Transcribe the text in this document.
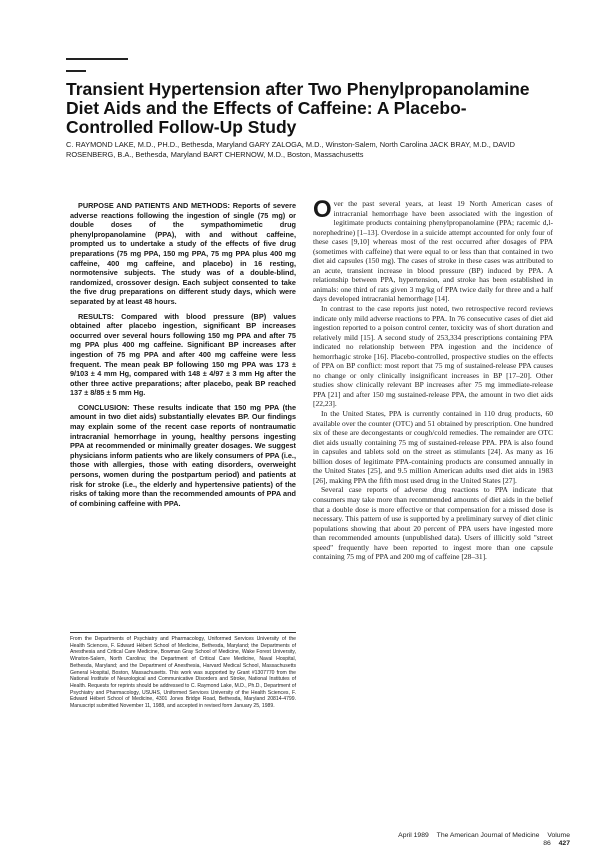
Transient Hypertension after Two Phenylpropanolamine Diet Aids and the Effects of Caffeine: A Placebo-Controlled Follow-Up Study
C. RAYMOND LAKE, M.D., PH.D., Bethesda, Maryland GARY ZALOGA, M.D., Winston-Salem, North Carolina JACK BRAY, M.D., DAVID ROSENBERG, B.A., Bethesda, Maryland BART CHERNOW, M.D., Boston, Massachusetts

PURPOSE AND PATIENTS AND METHODS: Reports of severe adverse reactions following the ingestion of single (75 mg) or double doses of the sympathomimetic drug phenylpropanolamine (PPA), with and without caffeine, prompted us to undertake a study of the effects of five drug preparations (75 mg PPA, 150 mg PPA, 75 mg PPA plus 400 mg caffeine, 400 mg caffeine, and placebo) in 16 resting, normotensive subjects. The study was of a double-blind, randomized, crossover design. Each subject consented to take the five drug preparations on different study days, which were separated by at least 48 hours.

RESULTS: Compared with blood pressure (BP) values obtained after placebo ingestion, significant BP increases occurred over several hours following 150 mg PPA and after 75 mg PPA plus 400 mg caffeine. Significant BP increases after ingestion of 75 mg PPA and after 400 mg caffeine were less frequent. The mean peak BP following 150 mg PPA was 173 ± 9/103 ± 4 mm Hg, compared with 148 ± 4/97 ± 3 mm Hg after the other three active preparations; after placebo, peak BP reached 137 ± 8/85 ± 5 mm Hg.

CONCLUSION: These results indicate that 150 mg PPA (the amount in two diet aids) substantially elevates BP. Our findings may explain some of the recent case reports of nontraumatic intracranial hemorrhage in young, healthy persons ingesting PPA at recommended or minimally greater dosages. We suggest physicians inform patients who are likely consumers of PPA (i.e., those with allergies, those with eating disorders, overweight persons, women during the postpartum period) and patients at risk for stroke (i.e., the elderly and hypertensive patients) of the risks of taking more than the recommended amounts of PPA and of combining caffeine with PPA.

From the Departments of Psychiatry and Pharmacology, Uniformed Services University of the Health Sciences, F. Edward Hébert School of Medicine, Bethesda, Maryland; the Departments of Anesthesia and Critical Care Medicine, Bowman Gray School of Medicine, Wake Forest University, Winston-Salem, North Carolina; the Department of Critical Care Medicine, Naval Hospital, Bethesda, Maryland; and the Department of Anesthesia, Harvard Medical School, Massachusetts General Hospital, Boston, Massachusetts. This work was supported by Grant #1307770 from the National Institute of Neurological and Communicative Disorders and Stroke, National Institutes of Health. Requests for reprints should be addressed to C. Raymond Lake, M.D., Ph.D., Department of Psychiatry and Pharmacology, USUHS, Uniformed Services University of the Health Sciences, F. Edward Hébert School of Medicine, 4301 Jones Bridge Road, Bethesda, Maryland 20814-4799. Manuscript submitted November 11, 1988, and accepted in revised form January 25, 1989.

Over the past several years, at least 19 North American cases of intracranial hemorrhage have been associated with the ingestion of legitimate products containing phenylpropanolamine (PPA; racemic d,l-norephedrine) [1–13]. Overdose in a suicide attempt accounted for only four of these cases [9,10] whereas most of the rest occurred after dosages of PPA (sometimes with caffeine) that were equal to or less than that contained in two diet aid capsules (150 mg). The cases of stroke in these cases was attributed to an acute, transient increase in blood pressure (BP) induced by PPA. A relationship between PPA, hypertension, and stroke has been established in animals: one third of rats given 3 mg/kg of PPA twice daily for three and a half days developed intracranial hemorrhage [14].

In contrast to the case reports just noted, two retrospective record reviews indicate only mild adverse reactions to PPA. In 76 consecutive cases of diet aid ingestion reported to a poison control center, toxicity was of short duration and relatively mild [15]. A second study of 253,334 prescriptions containing PPA indicated no relationship between PPA ingestion and the incidence of hemorrhagic stroke [16]. Placebo-controlled, prospective studies on the effects of PPA on BP conflict: most report that 75 mg of sustained-release PPA causes no change or only clinically insignificant increases in BP [17–20]. Other studies show clinically relevant BP increases after 75 mg immediate-release PPA [21] and after 150 mg sustained-release PPA, the amount in two diet aids [22,23].

In the United States, PPA is currently contained in 110 drug products, 60 available over the counter (OTC) and 51 obtained by prescription. One hundred six of these are decongestants or cough/cold remedies. The remainder are OTC diet aids usually containing 75 mg of sustained-release PPA. PPA is also found in capsules and tablets sold on the street as stimulants [24]. As many as 16 billion doses of legitimate PPA-containing products are consumed annually in the United States [25], and 9.5 million American adults used diet aids in 1983 [26], making PPA the fifth most used drug in the United States [27].

Several case reports of adverse drug reactions to PPA indicate that consumers may take more than recommended amounts of diet aids in the belief that a double dose is more effective or that compensation for a missed dose is necessary. This pattern of use is supported by a preliminary survey of diet clinic populations showing that about 20 percent of PPA users have ingested more than recommended amounts (unpublished data). Users of illicitly sold "street speed" frequently have been reported to ingest more than one capsule containing 75 mg of PPA and 200 mg of caffeine [28–31].

April 1989 The American Journal of Medicine Volume 86 427
